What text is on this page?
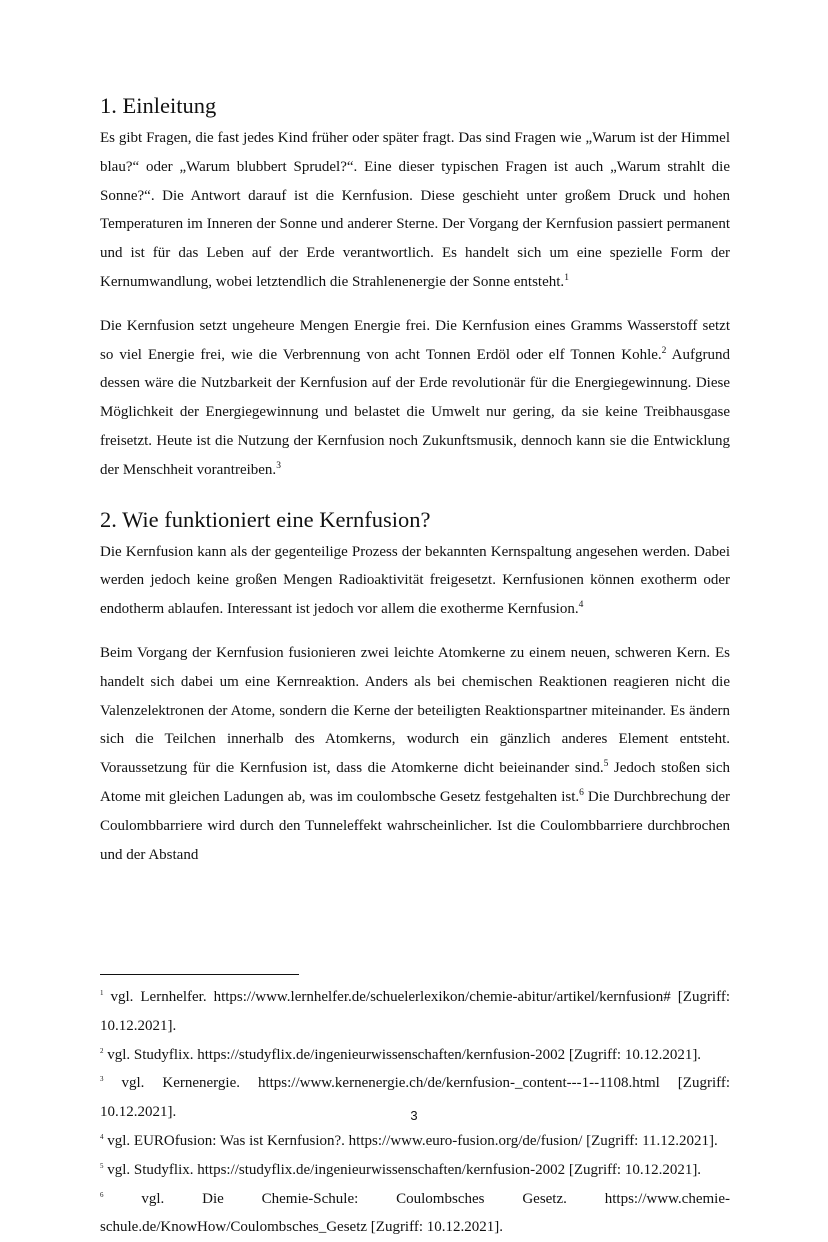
1. Einleitung

Es gibt Fragen, die fast jedes Kind früher oder später fragt. Das sind Fragen wie „Warum ist der Himmel blau?“ oder „Warum blubbert Sprudel?“. Eine dieser typischen Fragen ist auch „Warum strahlt die Sonne?“. Die Antwort darauf ist die Kernfusion. Diese geschieht unter großem Druck und hohen Temperaturen im Inneren der Sonne und anderer Sterne. Der Vorgang der Kernfusion passiert permanent und ist für das Leben auf der Erde verantwortlich. Es handelt sich um eine spezielle Form der Kernumwandlung, wobei letztendlich die Strahlenenergie der Sonne entsteht.$^1$

Die Kernfusion setzt ungeheure Mengen Energie frei. Die Kernfusion eines Gramms Wasserstoff setzt so viel Energie frei, wie die Verbrennung von acht Tonnen Erdöl oder elf Tonnen Kohle.$^2$ Aufgrund dessen wäre die Nutzbarkeit der Kernfusion auf der Erde revolutionär für die Energiegewinnung. Diese Möglichkeit der Energiegewinnung und belastet die Umwelt nur gering, da sie keine Treibhausgase freisetzt. Heute ist die Nutzung der Kernfusion noch Zukunftsmusik, dennoch kann sie die Entwicklung der Menschheit vorantreiben.$^3$

2. Wie funktioniert eine Kernfusion?

Die Kernfusion kann als der gegenteilige Prozess der bekannten Kernspaltung angesehen werden. Dabei werden jedoch keine großen Mengen Radioaktivität freigesetzt. Kernfusionen können exotherm oder endotherm ablaufen. Interessant ist jedoch vor allem die exotherme Kernfusion.$^4$

Beim Vorgang der Kernfusion fusionieren zwei leichte Atomkerne zu einem neuen, schweren Kern. Es handelt sich dabei um eine Kernreaktion. Anders als bei chemischen Reaktionen reagieren nicht die Valenzelektronen der Atome, sondern die Kerne der beteiligten Reaktionspartner miteinander. Es ändern sich die Teilchen innerhalb des Atomkerns, wodurch ein gänzlich anderes Element entsteht. Voraussetzung für die Kernfusion ist, dass die Atomkerne dicht beieinander sind.$^5$ Jedoch stoßen sich Atome mit gleichen Ladungen ab, was im coulombsche Gesetz festgehalten ist.$^6$ Die Durchbrechung der Coulombbarriere wird durch den Tunneleffekt wahrscheinlicher. Ist die Coulombbarriere durchbrochen und der Abstand

$^1$ vgl. Lernhelfer. https://www.lernhelfer.de/schuelerlexikon/chemie-abitur/artikel/kernfusion# [Zugriff: 10.12.2021].

$^2$ vgl. Studyflix. https://studyflix.de/ingenieurwissenschaften/kernfusion-2002 [Zugriff: 10.12.2021].

$^3$ vgl. Kernenergie. https://www.kernenergie.ch/de/kernfusion-_content---1--1108.html [Zugriff: 10.12.2021].

$^4$ vgl. EUROfusion: Was ist Kernfusion?. https://www.euro-fusion.org/de/fusion/ [Zugriff: 11.12.2021].

$^5$ vgl. Studyflix. https://studyflix.de/ingenieurwissenschaften/kernfusion-2002 [Zugriff: 10.12.2021].

$^6$	vgl. Die Chemie-Schule: Coulombsches Gesetz. https://www.chemie-schule.de/KnowHow/Coulombsches_Gesetz [Zugriff: 10.12.2021].

3
